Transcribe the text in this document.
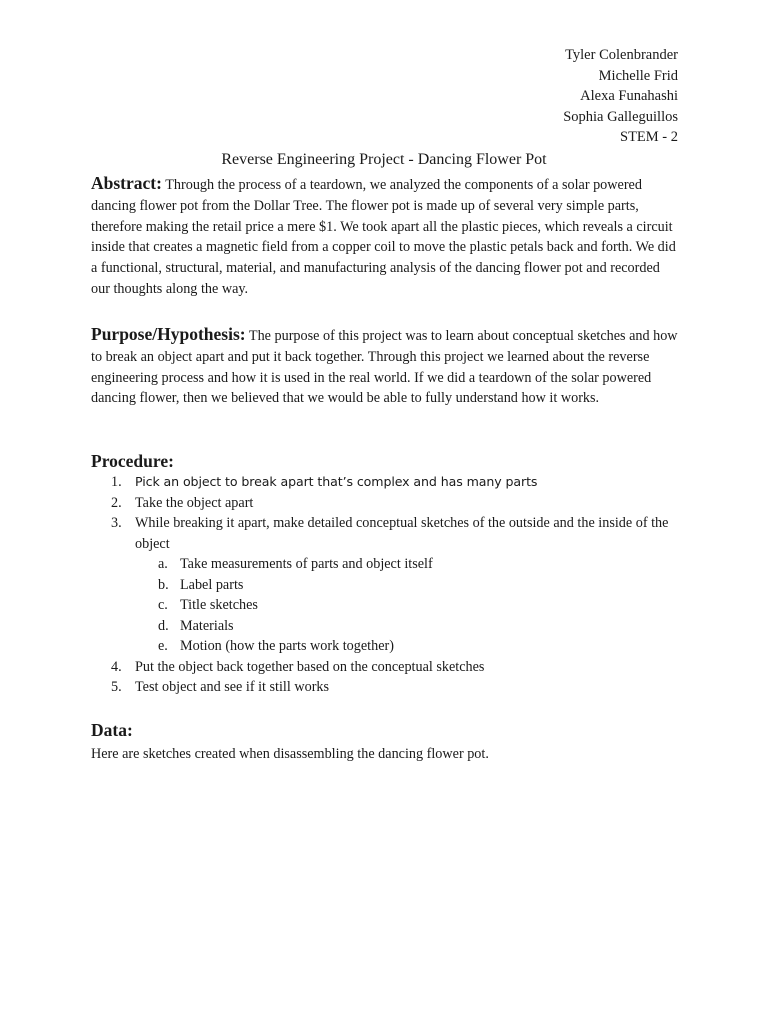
Tyler Colenbrander
Michelle Frid
Alexa Funahashi
Sophia Galleguillos
STEM - 2
Reverse Engineering Project - Dancing Flower Pot
Abstract: Through the process of a teardown, we analyzed the components of a solar powered dancing flower pot from the Dollar Tree. The flower pot is made up of several very simple parts, therefore making the retail price a mere $1. We took apart all the plastic pieces, which reveals a circuit inside that creates a magnetic field from a copper coil to move the plastic petals back and forth. We did a functional, structural, material, and manufacturing analysis of the dancing flower pot and recorded our thoughts along the way.
Purpose/Hypothesis: The purpose of this project was to learn about conceptual sketches and how to break an object apart and put it back together. Through this project we learned about the reverse engineering process and how it is used in the real world. If we did a teardown of the solar powered dancing flower, then we believed that we would be able to fully understand how it works.
Procedure:
1. Pick an object to break apart that’s complex and has many parts
2. Take the object apart
3. While breaking it apart, make detailed conceptual sketches of the outside and the inside of the object
a. Take measurements of parts and object itself
b. Label parts
c. Title sketches
d. Materials
e. Motion (how the parts work together)
4. Put the object back together based on the conceptual sketches
5. Test object and see if it still works
Data:
Here are sketches created when disassembling the dancing flower pot.
